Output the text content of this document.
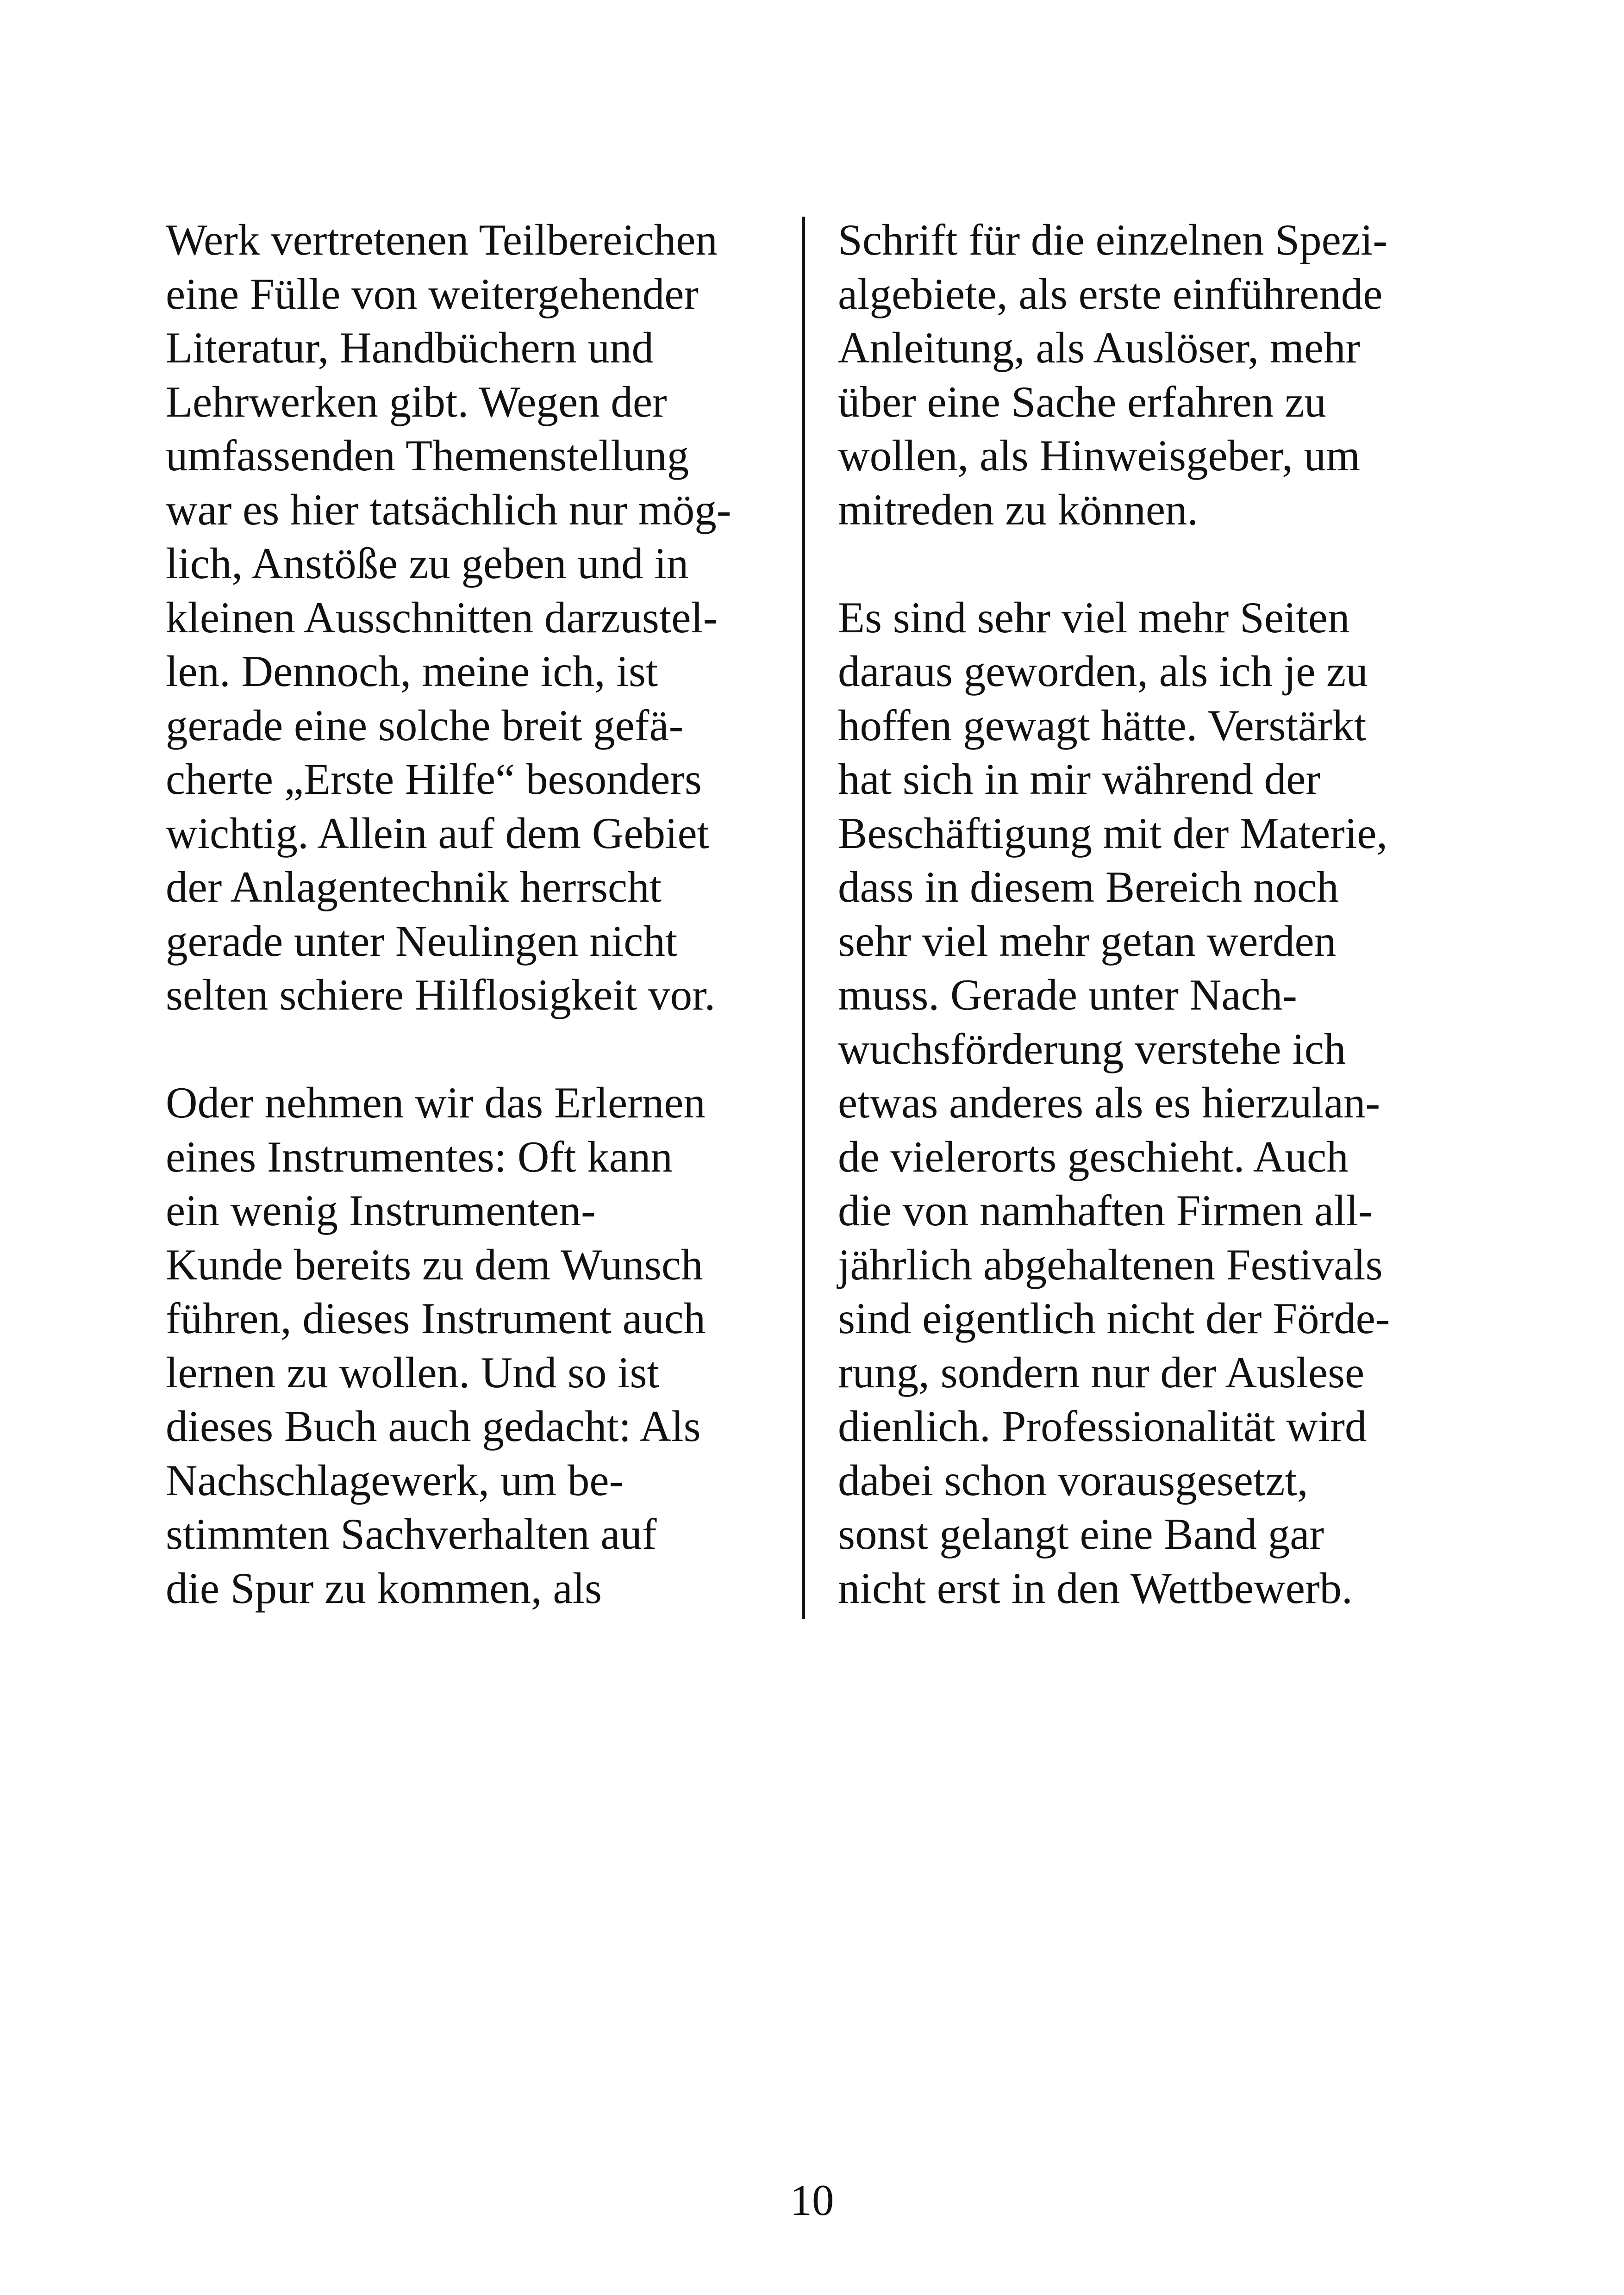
Werk vertretenen Teilbereichen
eine Fülle von weitergehender
Literatur, Handbüchern und
Lehrwerken gibt. Wegen der
umfassenden Themenstellung
war es hier tatsächlich nur mög-
lich, Anstöße zu geben und in
kleinen Ausschnitten darzustel-
len. Dennoch, meine ich, ist
gerade eine solche breit gefä-
cherte „Erste Hilfe“ besonders
wichtig. Allein auf dem Gebiet
der Anlagentechnik herrscht
gerade unter Neulingen nicht
selten schiere Hilflosigkeit vor.

Oder nehmen wir das Erlernen
eines Instrumentes: Oft kann
ein wenig Instrumenten-
Kunde bereits zu dem Wunsch
führen, dieses Instrument auch
lernen zu wollen. Und so ist
dieses Buch auch gedacht: Als
Nachschlagewerk, um be-
stimmten Sachverhalten auf
die Spur zu kommen, als
Schrift für die einzelnen Spezi-
algebiete, als erste einführende
Anleitung, als Auslöser, mehr
über eine Sache erfahren zu
wollen, als Hinweisgeber, um
mitreden zu können.

Es sind sehr viel mehr Seiten
daraus geworden, als ich je zu
hoffen gewagt hätte. Verstärkt
hat sich in mir während der
Beschäftigung mit der Materie,
dass in diesem Bereich noch
sehr viel mehr getan werden
muss. Gerade unter Nach-
wuchsförderung verstehe ich
etwas anderes als es hierzulan-
de vielerorts geschieht. Auch
die von namhaften Firmen all-
jährlich abgehaltenen Festivals
sind eigentlich nicht der Förde-
rung, sondern nur der Auslese
dienlich. Professionalität wird
dabei schon vorausgesetzt,
sonst gelangt eine Band gar
nicht erst in den Wettbewerb.
10
